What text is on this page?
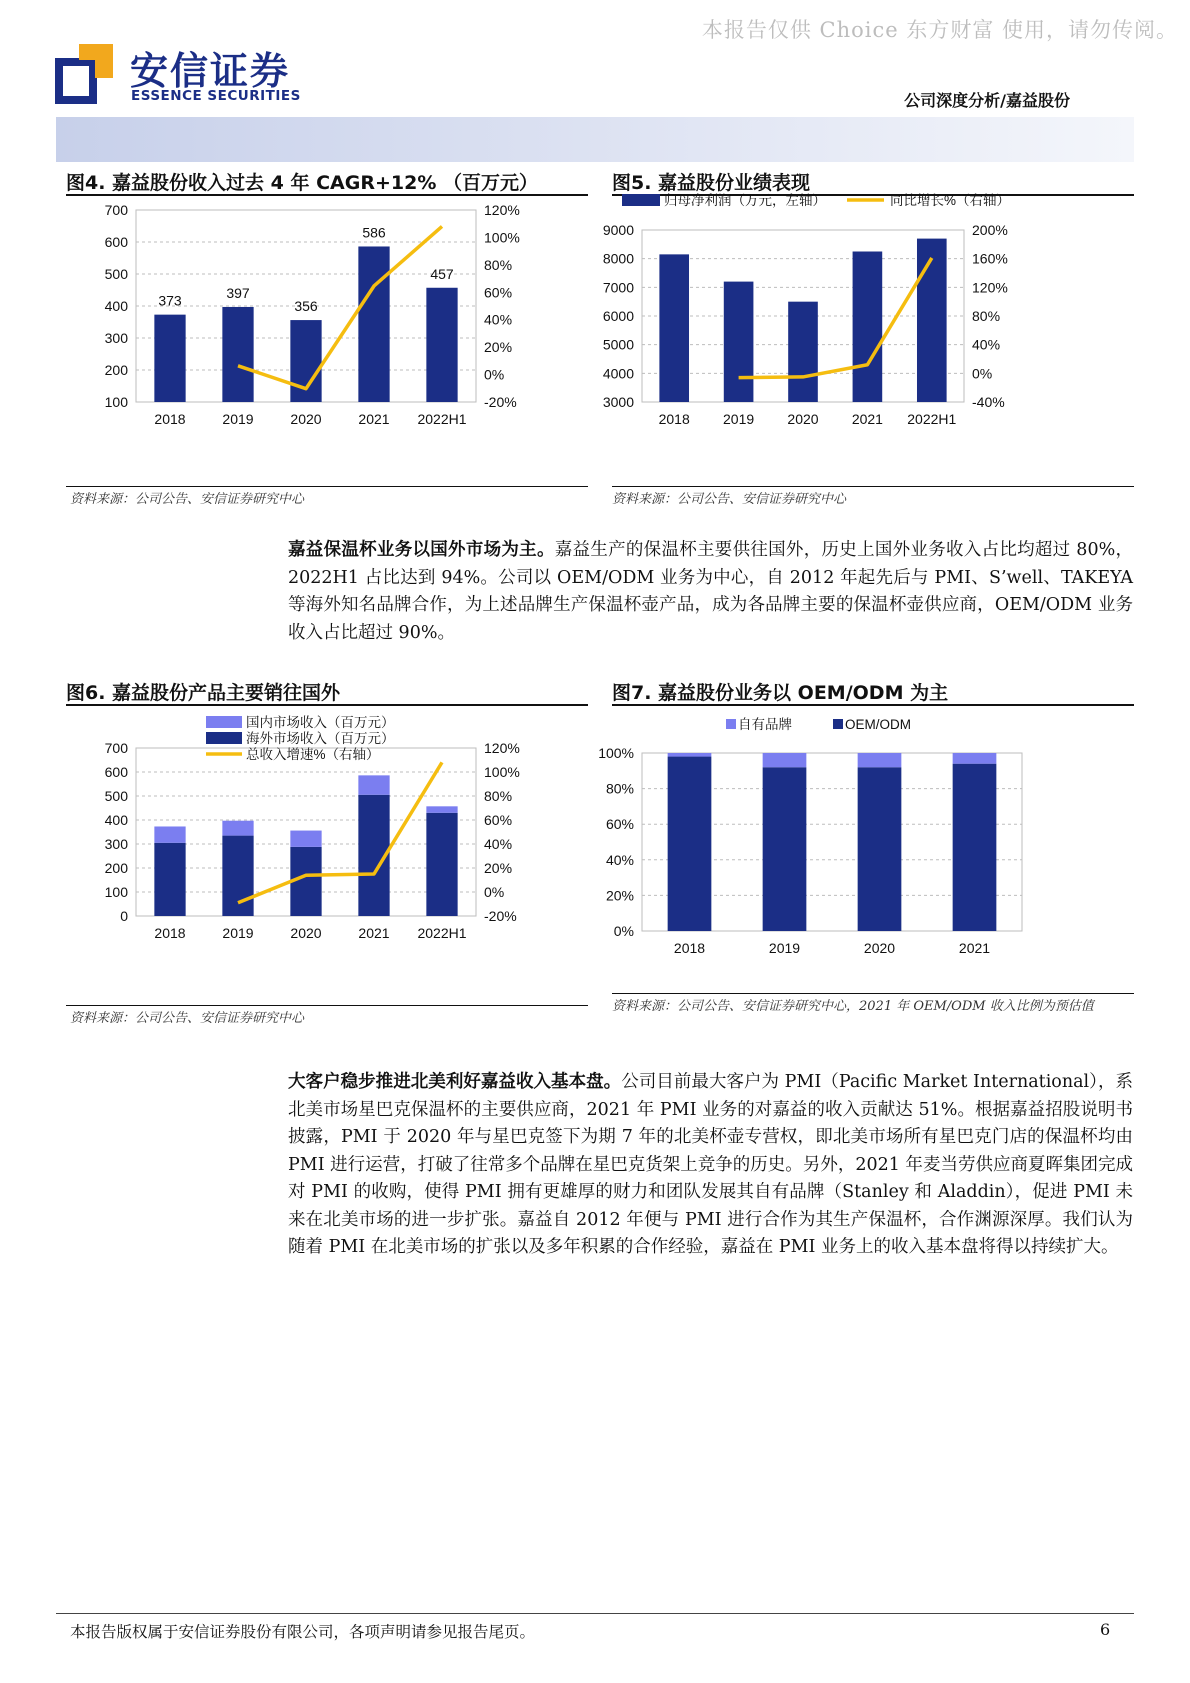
本报告仅供 Choice 东方财富 使用，请勿传阅。
安信证券
ESSENCE SECURITIES	公司深度分析/嘉益股份
图4. 嘉益股份收入过去 4 年 CAGR+12% （百万元）
100
200
300
400
500
600
700
-20%
0%
20%
40%
60%
80%
100%
120%
2018	2019	2020	2021 2022H1
373	397
356
586
457
资料来源：公司公告、安信证券研究中心
图5. 嘉益股份业绩表现
3000
4000
5000
6000
7000
8000
9000
-40%
0%
40%
80%
120%
160%
200%
2018 2019 2020 2021 2022H1
归母净利润（万元，左轴）	同比增长%（右轴）
资料来源：公司公告、安信证券研究中心
嘉益保温杯业务以国外市场为主。嘉益生产的保温杯主要供往国外，历史上国外业务收入占比均超过 80%，2022H1 占比达到 94%。公司以 OEM/ODM 业务为中心，自 2012 年起先后与 PMI、S’well、TAKEYA 等海外知名品牌合作，为上述品牌生产保温杯壶产品，成为各品牌主要的保温杯壶供应商，OEM/ODM 业务收入占比超过 90%。
图6. 嘉益股份产品主要销往国外
0
100
200
300
400
500
600
700
-20%
0%
20%
40%
60%
80%
100%
120%
2018	2019	2020	2021 2022H1
国内市场收入（百万元）
海外市场收入（百万元）
总收入增速%（右轴）
资料来源：公司公告、安信证券研究中心
图7. 嘉益股份业务以 OEM/ODM 为主
0%
20%
40%
60%
80%
100%
2018	2019	2020	2021
自有品牌	OEM/ODM
资料来源：公司公告、安信证券研究中心，2021 年 OEM/ODM 收入比例为预估值
大客户稳步推进北美利好嘉益收入基本盘。公司目前最大客户为 PMI（Pacific Market International），系北美市场星巴克保温杯的主要供应商，2021 年 PMI 业务的对嘉益的收入贡献达 51%。根据嘉益招股说明书披露，PMI 于 2020 年与星巴克签下为期 7 年的北美杯壶专营权，即北美市场所有星巴克门店的保温杯均由 PMI 进行运营，打破了往常多个品牌在星巴克货架上竞争的历史。另外，2021 年麦当劳供应商夏晖集团完成对 PMI 的收购，使得 PMI 拥有更雄厚的财力和团队发展其自有品牌（Stanley 和 Aladdin），促进 PMI 未来在北美市场的进一步扩张。嘉益自 2012 年便与 PMI 进行合作为其生产保温杯，合作渊源深厚。我们认为随着 PMI 在北美市场的扩张以及多年积累的合作经验，嘉益在 PMI 业务上的收入基本盘将得以持续扩大。
本报告版权属于安信证券股份有限公司，各项声明请参见报告尾页。	6
